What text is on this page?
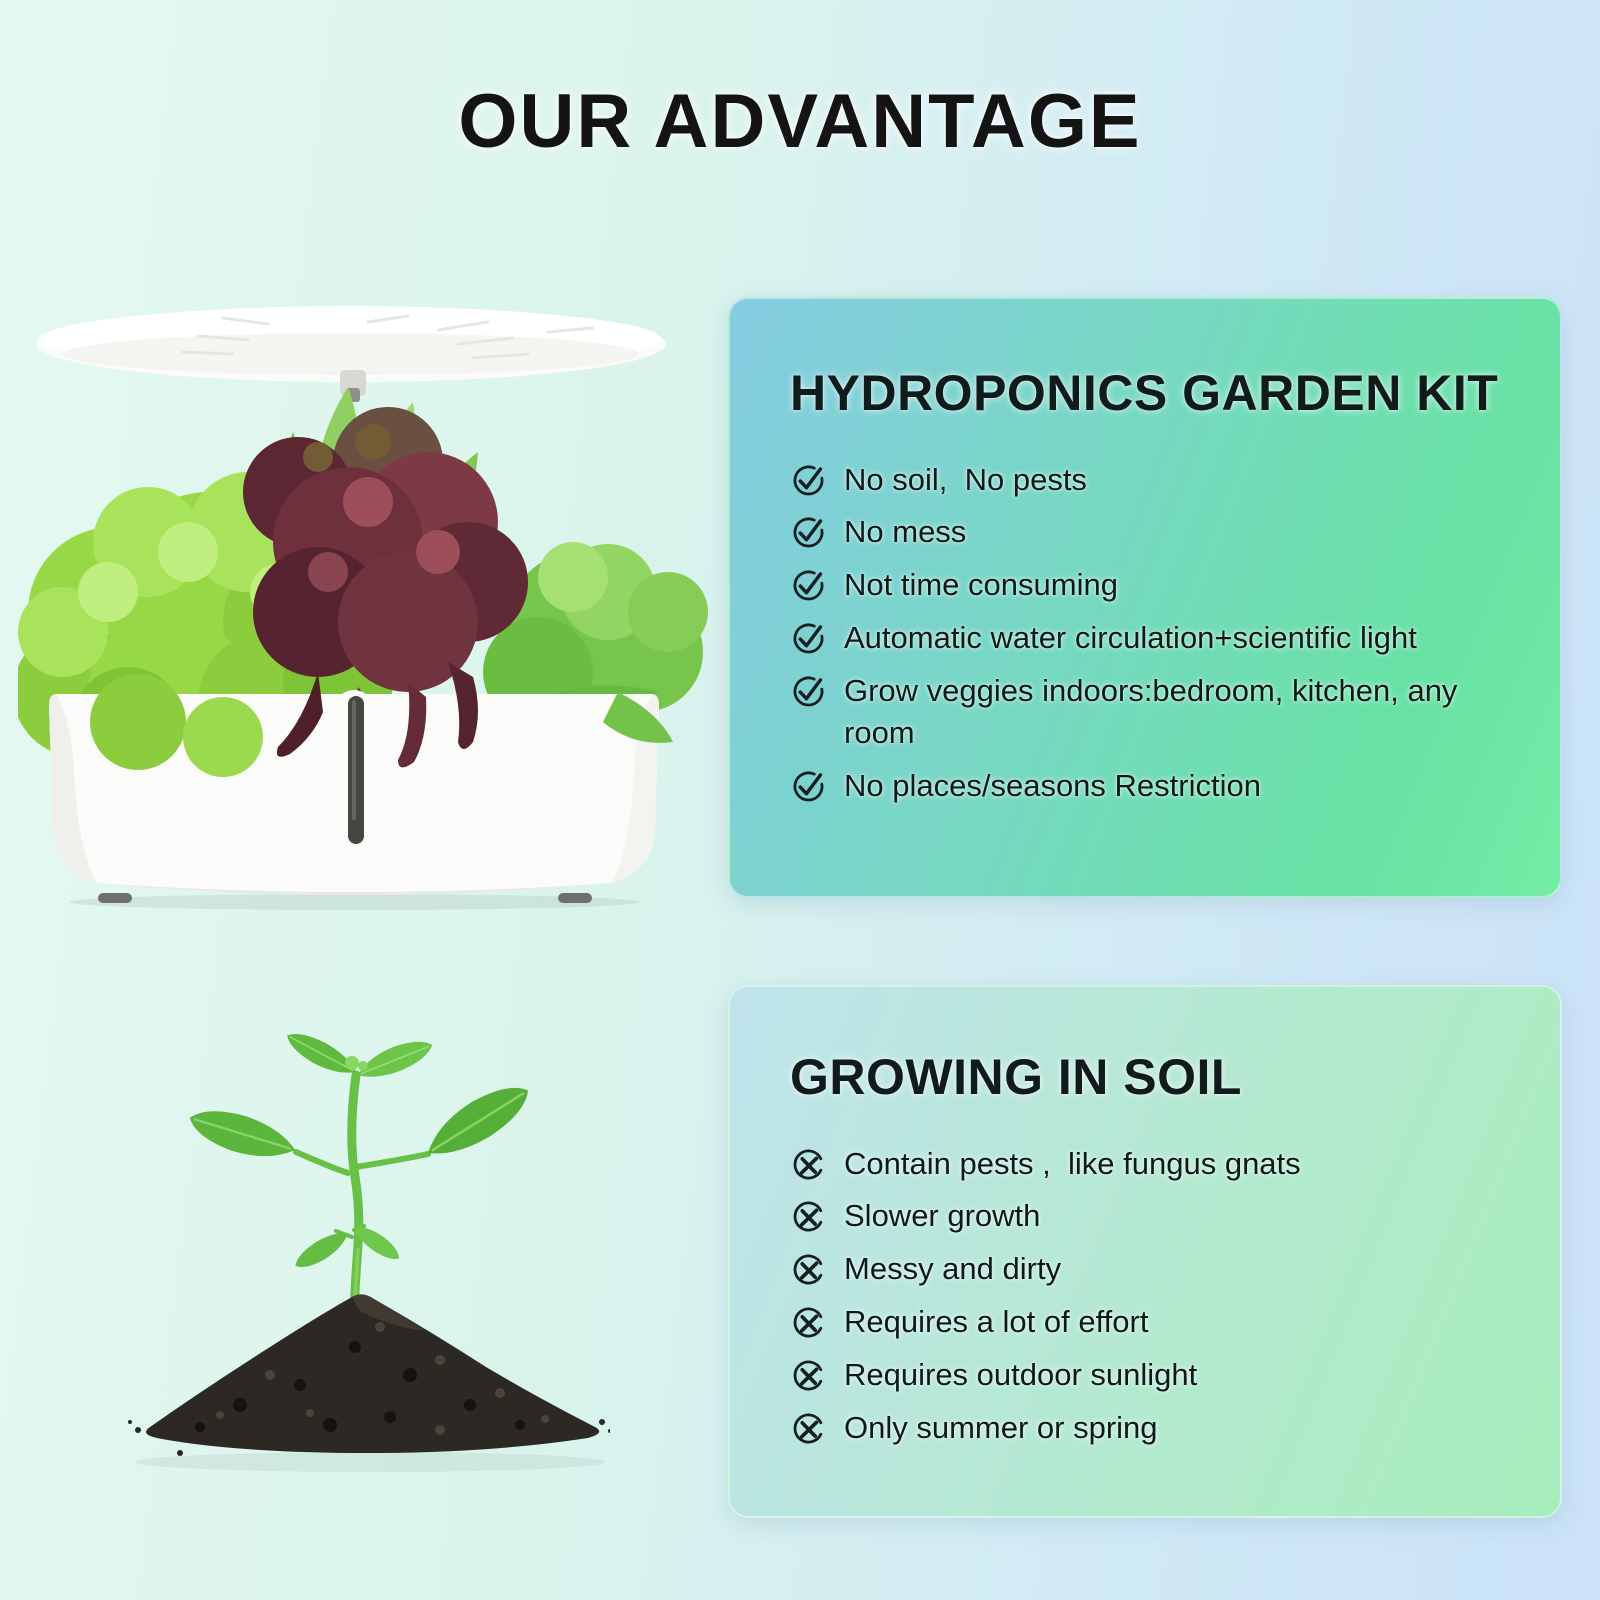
OUR ADVANTAGE
HYDROPONICS GARDEN KIT
No soil,  No pests
No mess
Not time consuming
Automatic water circulation+scientific light
Grow veggies indoors:bedroom, kitchen, any room
No places/seasons Restriction
GROWING IN SOIL
Contain pests ,  like fungus gnats
Slower growth
Messy and dirty
Requires a lot of effort
Requires outdoor sunlight
Only summer or spring
